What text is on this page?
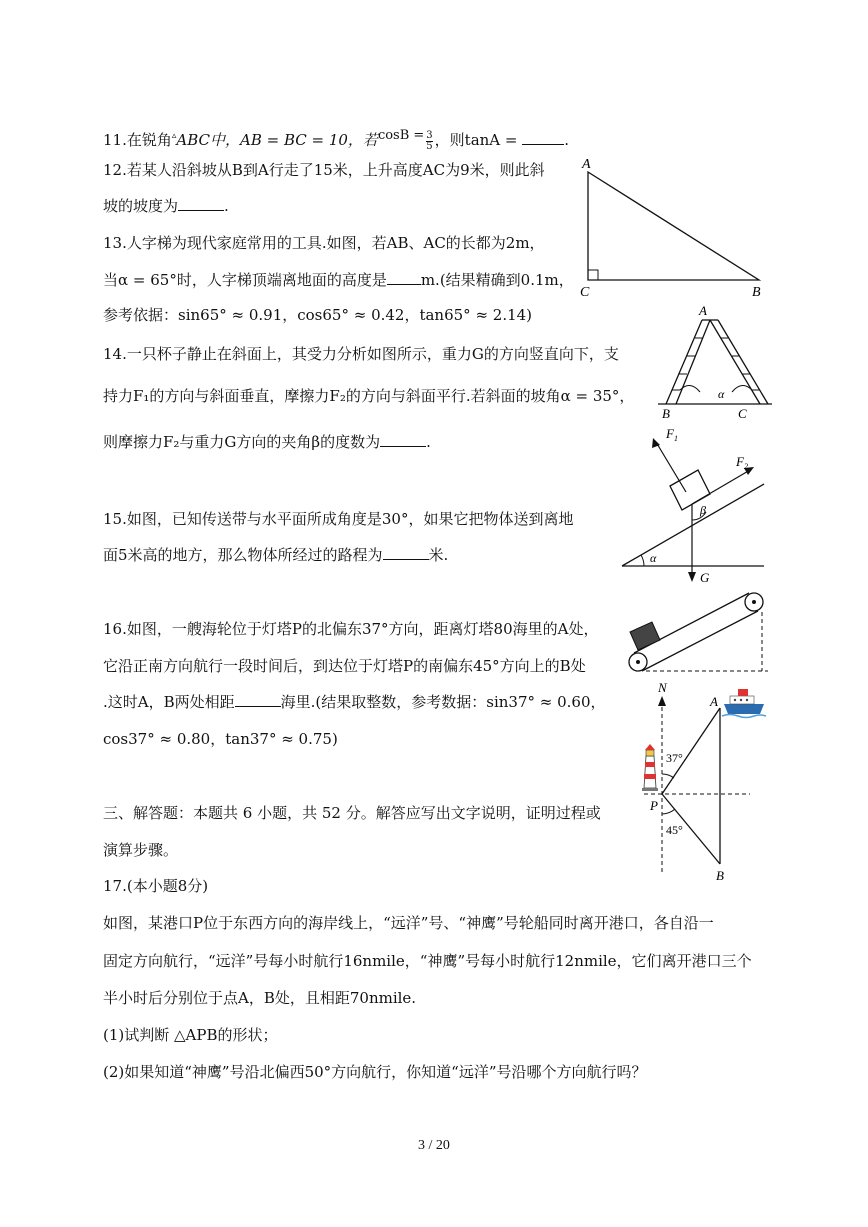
11.在锐角▵ABC中，AB = BC = 10，若$\cos B = \frac{3}{5}$ ，则tanA =	.
12.若某人沿斜坡从B到A行走了15米，上升高度AC为9米，则此斜
坡的坡度为	.
13.人字梯为现代家庭常用的工具.如图，若AB、AC的长都为2m，
当α = 65°时，人字梯顶端离地面的高度是 m.(结果精确到0.1m，
参考依据：sin65° ≈ 0.91，cos65° ≈ 0.42，tan65° ≈ 2.14)
14.一只杯子静止在斜面上，其受力分析如图所示，重力G的方向竖直向下，支
持力F₁的方向与斜面垂直，摩擦力F₂的方向与斜面平行.若斜面的坡角α = 35°，
则摩擦力F₂与重力G方向的夹角β的度数为	.
15.如图，已知传送带与水平面所成角度是30°，如果它把物体送到离地
面5米高的地方，那么物体所经过的路程为	米.
16.如图，一艘海轮位于灯塔P的北偏东37°方向，距离灯塔80海里的A处，
它沿正南方向航行一段时间后，到达位于灯塔P的南偏东45°方向上的B处
.这时A，B两处相距	海里.(结果取整数，参考数据：sin37° ≈ 0.60，
cos37° ≈ 0.80，tan37° ≈ 0.75)
三、解答题：本题共 6 小题，共 52 分。解答应写出文字说明，证明过程或
演算步骤。
17.(本小题8分)
如图，某港口P位于东西方向的海岸线上，“远洋”号、“神鹰”号轮船同时离开港口，各自沿一
固定方向航行，“远洋”号每小时航行16nmile，“神鹰”号每小时航行12nmile，它们离开港口三个
半小时后分别位于点A，B处，且相距70nmile.
(1)试判断 △APB的形状；
(2)如果知道“神鹰”号沿北偏西50°方向航行，你知道“远洋”号沿哪个方向航行吗？
A
C	B
A
B	C
α
α
G
$F_2$
$F_1$
β
N
37°
45°
A
P
B
3 / 20
